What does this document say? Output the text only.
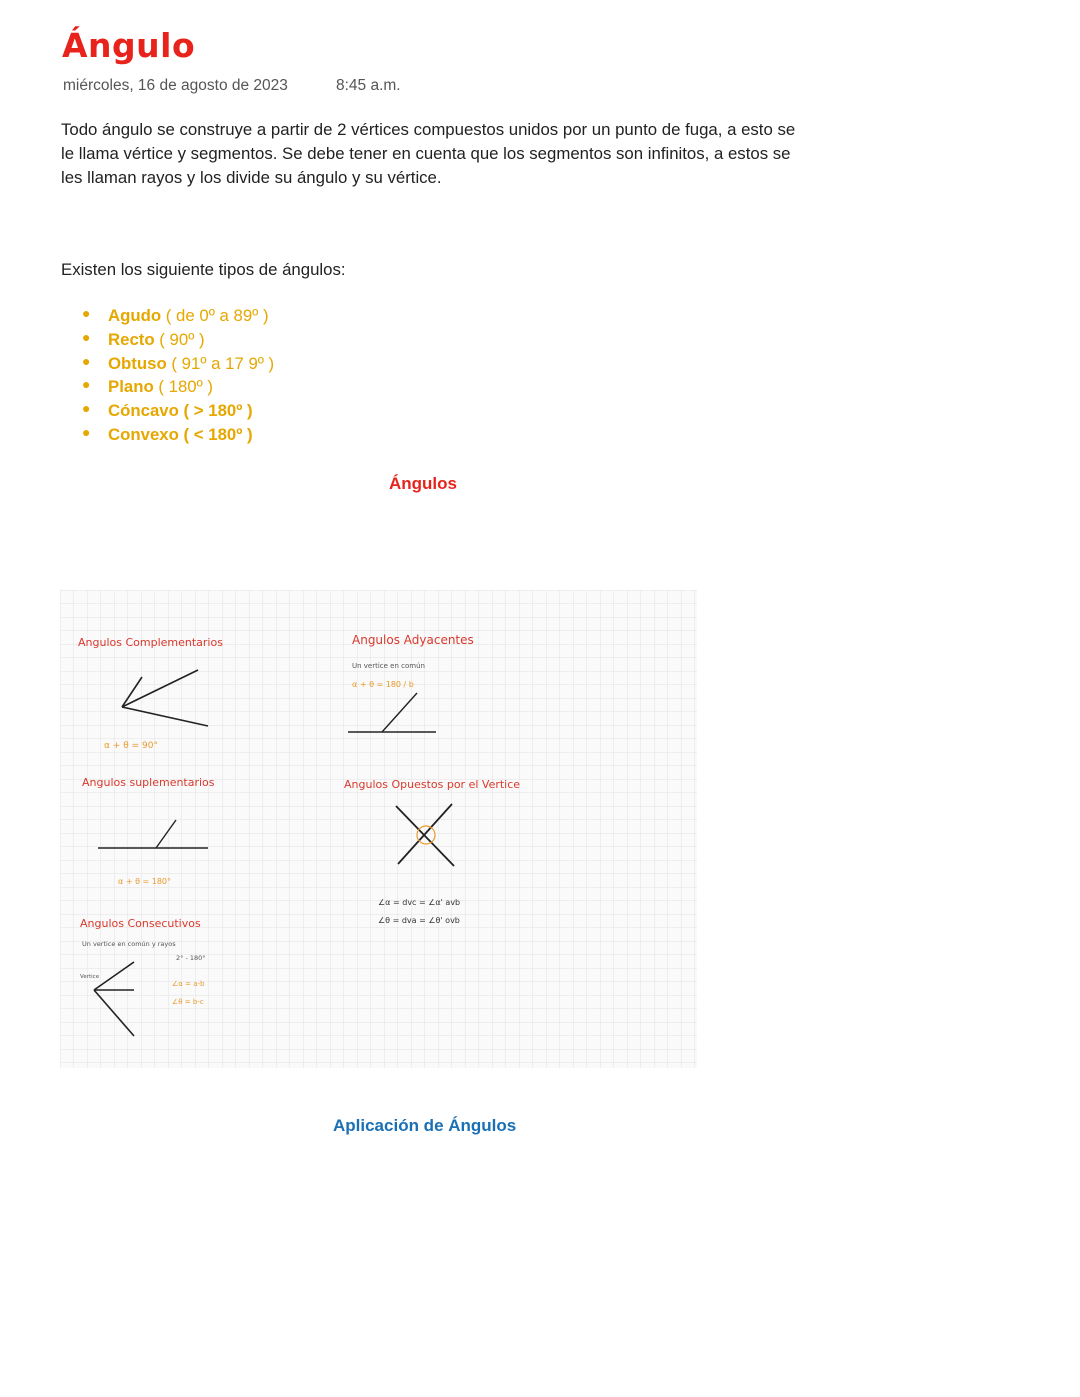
Ángulo
miércoles, 16 de agosto de 2023	8:45 a.m.

Todo ángulo se construye a partir de 2 vértices compuestos unidos por un punto de fuga, a esto se le llama vértice y segmentos. Se debe tener en cuenta que los segmentos son infinitos, a estos se les llaman rayos y los divide su ángulo y su vértice.

Existen los siguiente tipos de ángulos:

● Agudo ( de 0º a 89º )
● Recto ( 90º )
● Obtuso ( 91º a 17 9º )
● Plano ( 180º )
● Cóncavo ( > 180º )
● Convexo ( < 180º )
Ángulos
Angulos Complementarios
α + θ = 90°
Angulos Adyacentes
Un vertice en común
α + θ = 180 / b
Angulos suplementarios
α + θ = 180°
Angulos Opuestos por el Vertice
∠α = dvc = ∠α' avb
∠θ = dva = ∠θ' ovb
Angulos Consecutivos
Un vertice en común y rayos
2° - 180°
Vertice
∠α = a-b
∠θ = b-c
Aplicación de Ángulos
